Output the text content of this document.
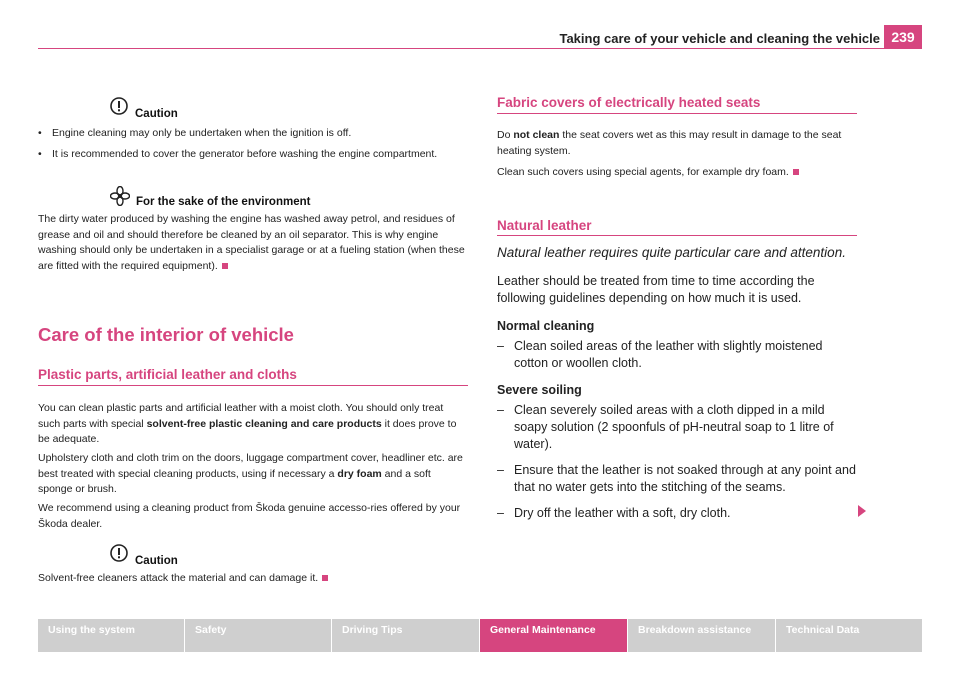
Taking care of your vehicle and cleaning the vehicle 239
Caution
• Engine cleaning may only be undertaken when the ignition is off.
• It is recommended to cover the generator before washing the engine compartment.
For the sake of the environment
The dirty water produced by washing the engine has washed away petrol, and residues of grease and oil and should therefore be cleaned by an oil separator. This is why engine washing should only be undertaken in a specialist garage or at a fueling station (when these are fitted with the required equipment).
Care of the interior of vehicle
Plastic parts, artificial leather and cloths
You can clean plastic parts and artificial leather with a moist cloth. You should only treat such parts with special solvent-free plastic cleaning and care products it does prove to be adequate.
Upholstery cloth and cloth trim on the doors, luggage compartment cover, headliner etc. are best treated with special cleaning products, using if necessary a dry foam and a soft sponge or brush.
We recommend using a cleaning product from Škoda genuine accesso-ries offered by your Škoda dealer.
Caution
Solvent-free cleaners attack the material and can damage it.
Fabric covers of electrically heated seats
Do not clean the seat covers wet as this may result in damage to the seat heating system.
Clean such covers using special agents, for example dry foam.
Natural leather
Natural leather requires quite particular care and attention.
Leather should be treated from time to time according the following guidelines depending on how much it is used.
Normal cleaning
– Clean soiled areas of the leather with slightly moistened cotton or woollen cloth.
Severe soiling
– Clean severely soiled areas with a cloth dipped in a mild soapy solution (2 spoonfuls of pH-neutral soap to 1 litre of water).
– Ensure that the leather is not soaked through at any point and that no water gets into the stitching of the seams.
– Dry off the leather with a soft, dry cloth.
Using the system	Safety	Driving Tips	General Maintenance	Breakdown assistance	Technical Data
